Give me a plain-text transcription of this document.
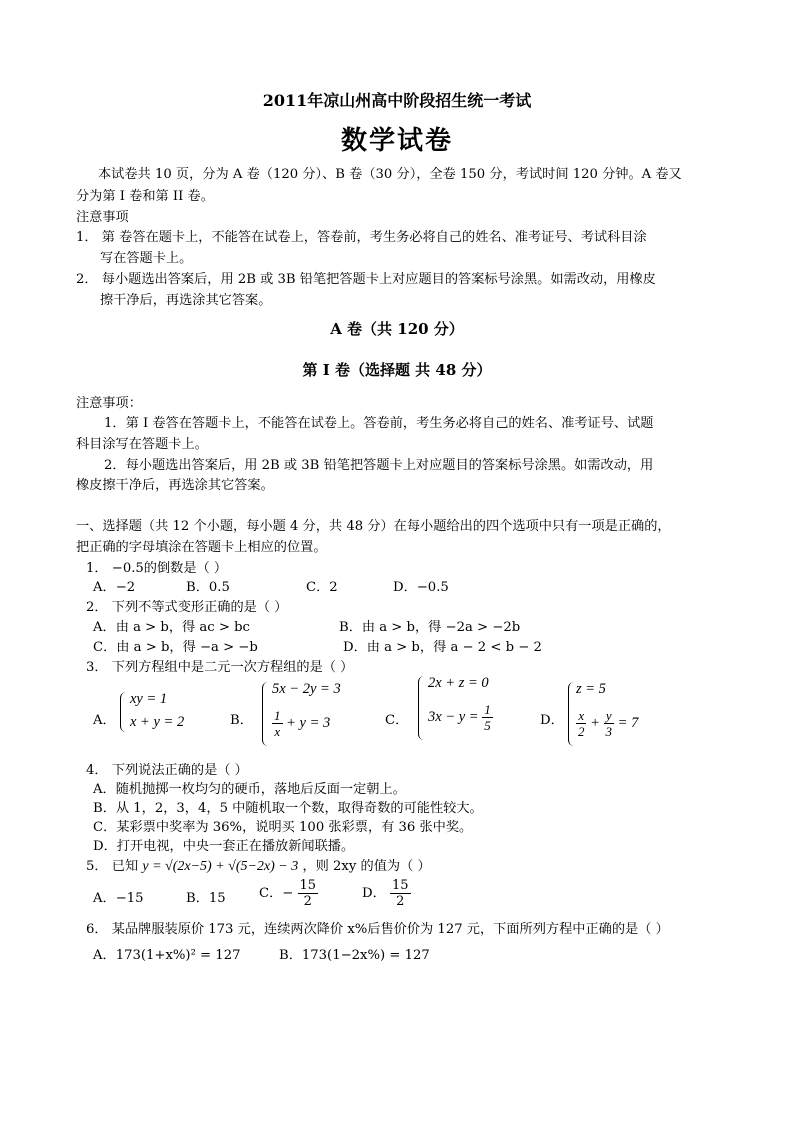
2011年凉山州高中阶段招生统一考试
数学试卷
本试卷共 10 页，分为 A 卷（120 分）、B 卷（30 分），全卷 150 分，考试时间 120 分钟。A 卷又
分为第 I 卷和第 II 卷。
注意事项
1． 第 卷答在题卡上，不能答在试卷上，答卷前，考生务必将自己的姓名、准考证号、考试科目涂
写在答题卡上。
2． 每小题选出答案后，用 2B 或 3B 铅笔把答题卡上对应题目的答案标号涂黑。如需改动，用橡皮
擦干净后，再选涂其它答案。
A 卷（共 120 分）
第 I 卷（选择题 共 48 分）
注意事项：
1．第 I 卷答在答题卡上，不能答在试卷上。答卷前，考生务必将自己的姓名、准考证号、试题
科目涂写在答题卡上。
2．每小题选出答案后，用 2B 或 3B 铅笔把答题卡上对应题目的答案标号涂黑。如需改动，用
橡皮擦干净后，再选涂其它答案。
一、选择题（共 12 个小题，每小题 4 分，共 48 分）在每小题给出的四个选项中只有一项是正确的，
把正确的字母填涂在答题卡上相应的位置。
1． −0.5的倒数是（ ）
A．−2	B．0.5	C．2	D．−0.5
2． 下列不等式变形正确的是（ ）
A．由 a > b，得 ac > bc	B．由 a > b，得 −2a > −2b
C．由 a > b，得 −a > −b	D．由 a > b，得 a − 2 < b − 2
3． 下列方程组中是二元一次方程组的是（ ）
A．
xy = 1
x + y = 2	B．
5x − 2y = 3
$\frac{1}{x} + y = 3$	C．
2x + z = 0
$3x - y = \frac{1}{5}$	D．
z = 5
$\frac{x}{2} + \frac{y}{3} = 7$
4． 下列说法正确的是（ ）
A．随机抛掷一枚均匀的硬币，落地后反面一定朝上。
B．从 1，2，3，4，5 中随机取一个数，取得奇数的可能性较大。
C．某彩票中奖率为 36%，说明买 100 张彩票，有 36 张中奖。
D．打开电视，中央一套正在播放新闻联播。
5． 已知 y = √(2x−5) + √(5−2x) − 3 ，则 2xy 的值为（ ）
A．−15	B．15	C．− $\frac{15}{2}$	D． $\frac{15}{2}$
6． 某品牌服装原价 173 元，连续两次降价 x%后售价价为 127 元，下面所列方程中正确的是（ ）
A．173(1+x%)² = 127	B．173(1−2x%) = 127
